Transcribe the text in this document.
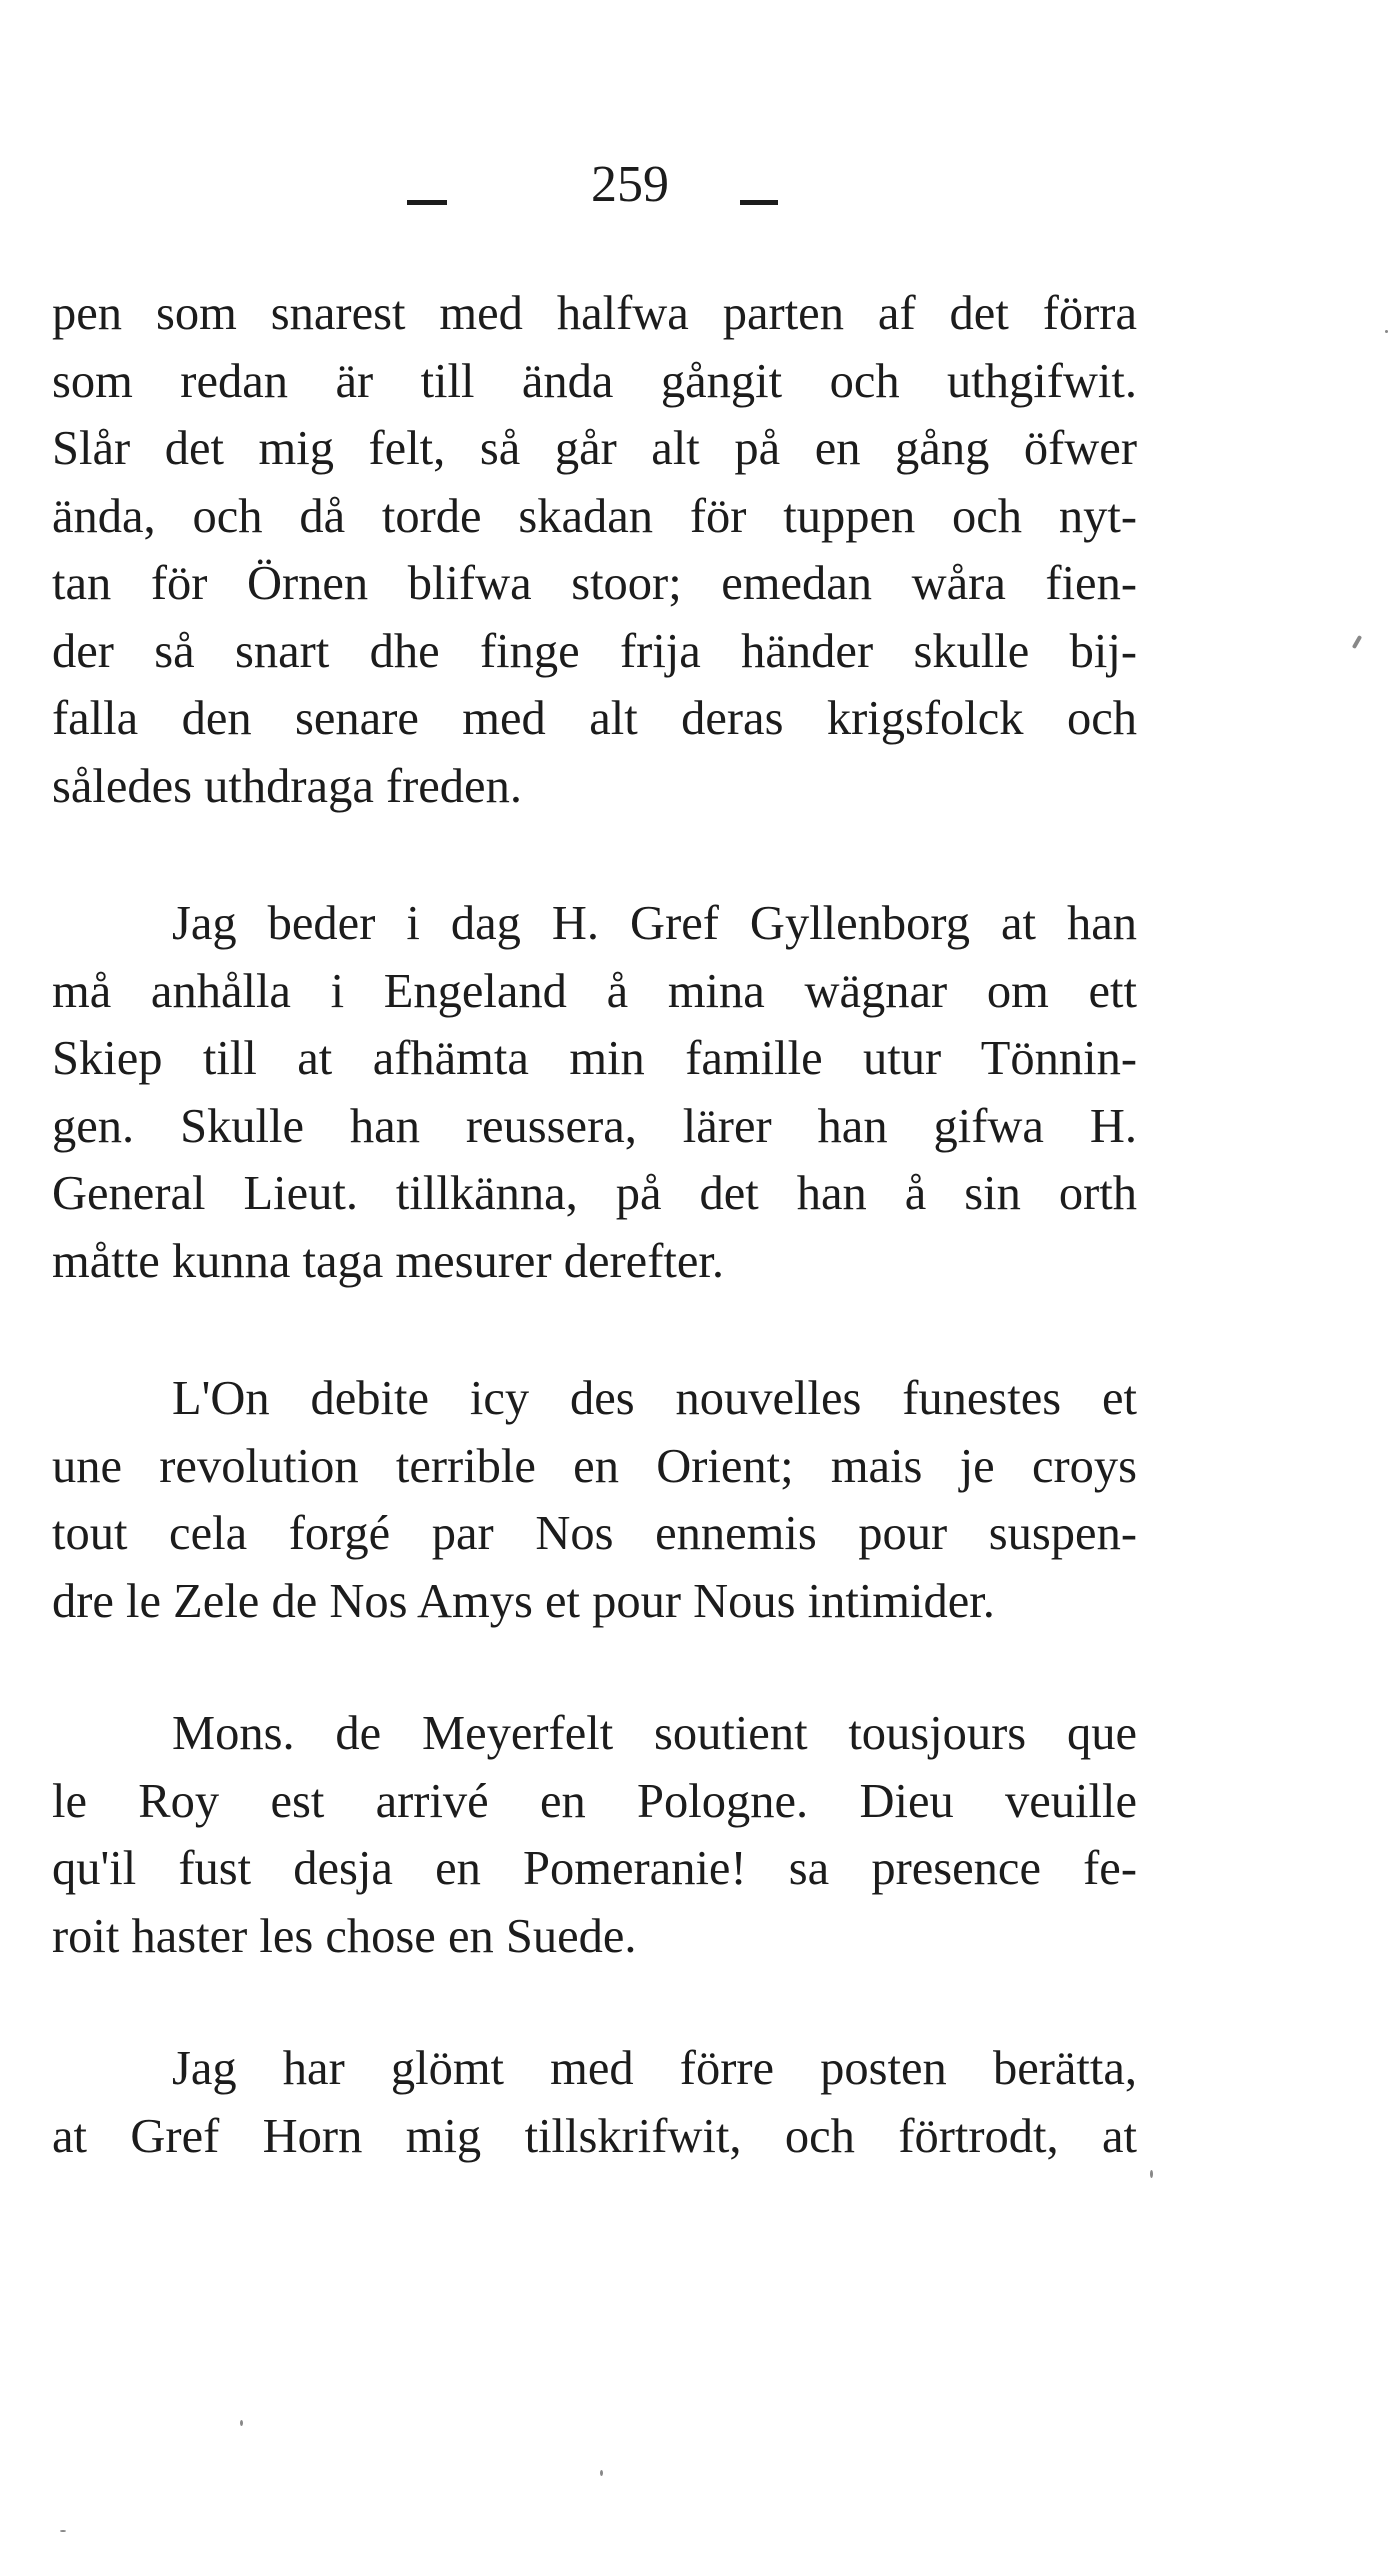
259
pen som snarest med halfwa parten af det förra
som redan är till ända gångit och uthgifwit.
Slår det mig felt, så går alt på en gång öfwer
ända, och då torde skadan för tuppen och nyt-
tan för Örnen blifwa stoor; emedan wåra fien-
der så snart dhe finge frija händer skulle bij-
falla den senare med alt deras krigsfolck och
således uthdraga freden.
Jag beder i dag H. Gref Gyllenborg at han
må anhålla i Engeland å mina wägnar om ett
Skiep till at afhämta min famille utur Tönnin-
gen. Skulle han reussera, lärer han gifwa H.
General Lieut. tillkänna, på det han å sin orth
måtte kunna taga mesurer derefter.
L'On debite icy des nouvelles funestes et
une revolution terrible en Orient; mais je croys
tout cela forgé par Nos ennemis pour suspen-
dre le Zele de Nos Amys et pour Nous intimider.
Mons. de Meyerfelt soutient tousjours que
le Roy est arrivé en Pologne. Dieu veuille
qu'il fust desja en Pomeranie! sa presence fe-
roit haster les chose en Suede.
Jag har glömt med förre posten berätta,
at Gref Horn mig tillskrifwit, och förtrodt, at
